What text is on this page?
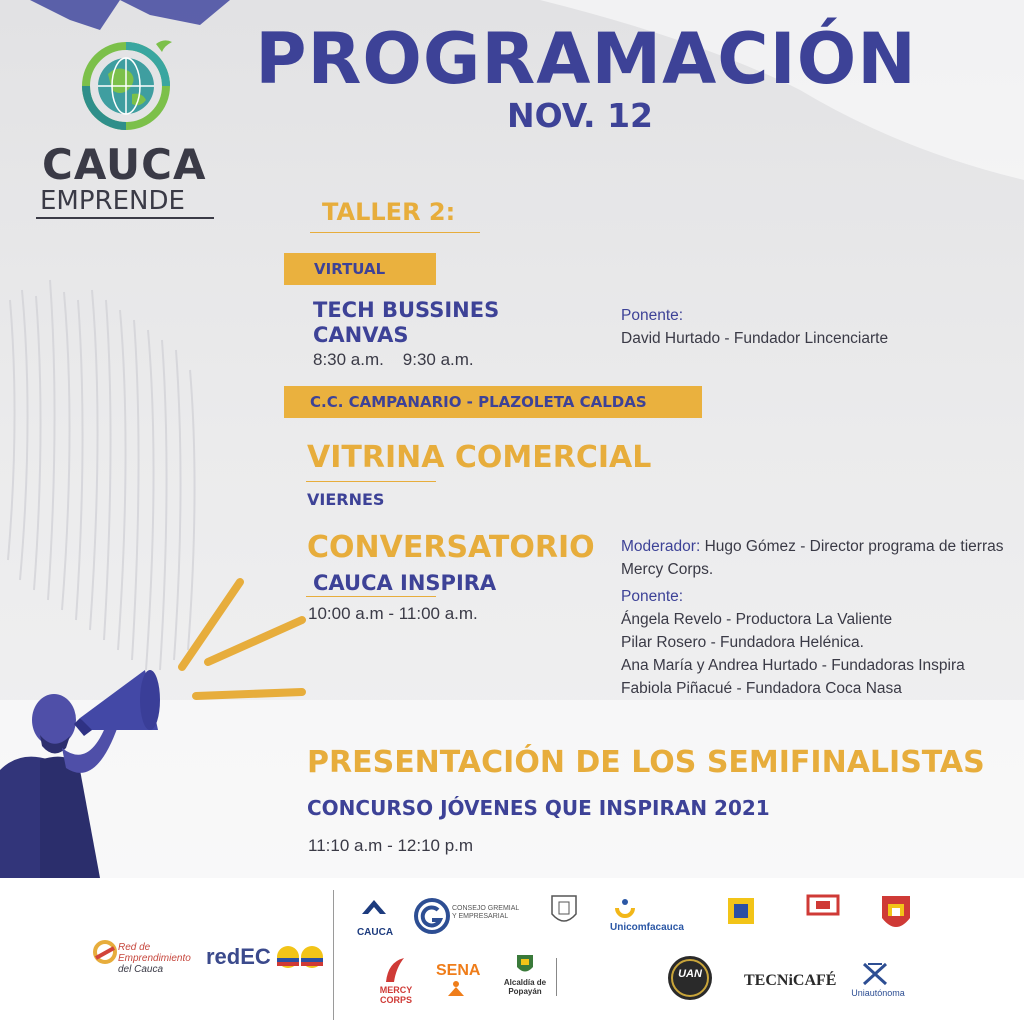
CAUCA
EMPRENDE
PROGRAMACIÓN
NOV. 12
TALLER 2:
VIRTUAL
TECH BUSSINES
CANVAS
8:30 a.m.    9:30 a.m.
Ponente:
David Hurtado - Fundador Lincenciarte
C.C. CAMPANARIO - PLAZOLETA CALDAS
VITRINA COMERCIAL
VIERNES
CONVERSATORIO
CAUCA INSPIRA
10:00 a.m - 11:00 a.m.
Moderador: Hugo Gómez - Director programa de tierras
Mercy Corps.
Ponente:
Ángela Revelo - Productora La Valiente
Pilar Rosero - Fundadora Helénica.
Ana María y Andrea Hurtado - Fundadoras Inspira
Fabiola Piñacué - Fundadora Coca Nasa
PRESENTACIÓN DE LOS SEMIFINALISTAS
CONCURSO JÓVENES QUE INSPIRAN 2021
11:10 a.m - 12:10 p.m
Red de
Emprendimiento
del Cauca
redEC
CAUCA
CONSEJO GREMIAL Y EMPRESARIAL
Unicomfacauca
MERCY
CORPS
SENA
Alcaldía de
Popayán
UAN	TECNiCAFÉ
Uniautónoma
